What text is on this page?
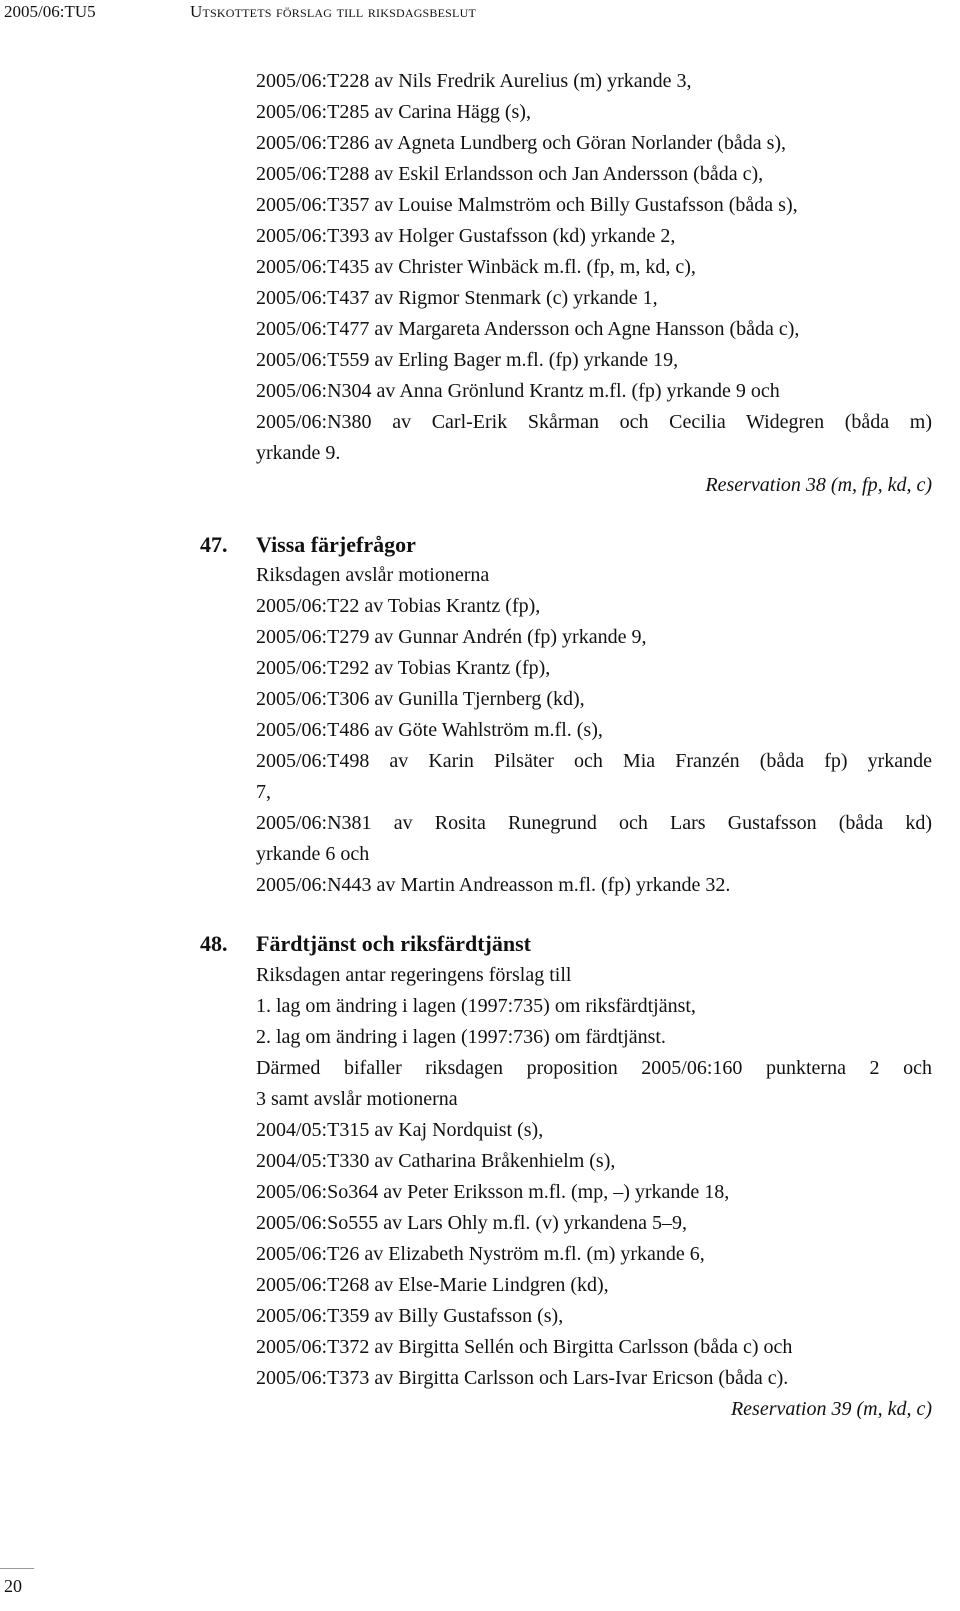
2005/06:TU5	Utskottets förslag till riksdagsbeslut
2005/06:T228 av Nils Fredrik Aurelius (m) yrkande 3,
2005/06:T285 av Carina Hägg (s),
2005/06:T286 av Agneta Lundberg och Göran Norlander (båda s),
2005/06:T288 av Eskil Erlandsson och Jan Andersson (båda c),
2005/06:T357 av Louise Malmström och Billy Gustafsson (båda s),
2005/06:T393 av Holger Gustafsson (kd) yrkande 2,
2005/06:T435 av Christer Winbäck m.fl. (fp, m, kd, c),
2005/06:T437 av Rigmor Stenmark (c) yrkande 1,
2005/06:T477 av Margareta Andersson och Agne Hansson (båda c),
2005/06:T559 av Erling Bager m.fl. (fp) yrkande 19,
2005/06:N304 av Anna Grönlund Krantz m.fl. (fp) yrkande 9 och
2005/06:N380 av Carl-Erik Skårman och Cecilia Widegren (båda m)
yrkande 9.
Reservation 38 (m, fp, kd, c)
47. Vissa färjefrågor
Riksdagen avslår motionerna
2005/06:T22 av Tobias Krantz (fp),
2005/06:T279 av Gunnar Andrén (fp) yrkande 9,
2005/06:T292 av Tobias Krantz (fp),
2005/06:T306 av Gunilla Tjernberg (kd),
2005/06:T486 av Göte Wahlström m.fl. (s),
2005/06:T498 av Karin Pilsäter och Mia Franzén (båda fp) yrkande
7,
2005/06:N381 av Rosita Runegrund och Lars Gustafsson (båda kd)
yrkande 6 och
2005/06:N443 av Martin Andreasson m.fl. (fp) yrkande 32.
48. Färdtjänst och riksfärdtjänst
Riksdagen antar regeringens förslag till
1. lag om ändring i lagen (1997:735) om riksfärdtjänst,
2. lag om ändring i lagen (1997:736) om färdtjänst.
Därmed bifaller riksdagen proposition 2005/06:160 punkterna 2 och
3 samt avslår motionerna
2004/05:T315 av Kaj Nordquist (s),
2004/05:T330 av Catharina Bråkenhielm (s),
2005/06:So364 av Peter Eriksson m.fl. (mp, –) yrkande 18,
2005/06:So555 av Lars Ohly m.fl. (v) yrkandena 5–9,
2005/06:T26 av Elizabeth Nyström m.fl. (m) yrkande 6,
2005/06:T268 av Else-Marie Lindgren (kd),
2005/06:T359 av Billy Gustafsson (s),
2005/06:T372 av Birgitta Sellén och Birgitta Carlsson (båda c) och
2005/06:T373 av Birgitta Carlsson och Lars-Ivar Ericson (båda c).
Reservation 39 (m, kd, c)
20
